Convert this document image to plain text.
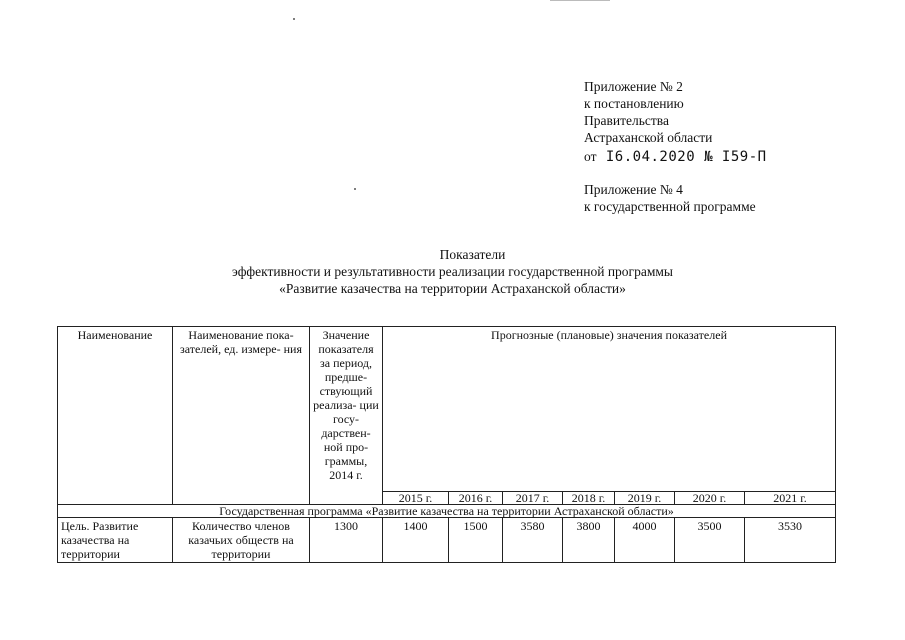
Приложение № 2
к постановлению
Правительства
Астраханской области
от I6.04.2020 № I59-П
Приложение № 4
к государственной программе
Показатели
эффективности и результативности реализации государственной программы
«Развитие казачества на территории Астраханской области»
Наименование	Наименование пока- зателей, ед. измере- ния	Значение показателя за период, предше- ствующий реализа- ции госу- дарствен- ной про- граммы, 2014 г.	Прогнозные (плановые) значения показателей						
			2015 г.	2016 г.	2017 г.	2018 г.	2019 г.	2020 г.	2021 г.
Государственная программа «Развитие казачества на территории Астраханской области»									
Цель. Развитие казачества на территории	Количество членов казачьих обществ на территории	1300	1400	1500	3580	3800	4000	3500	3530
